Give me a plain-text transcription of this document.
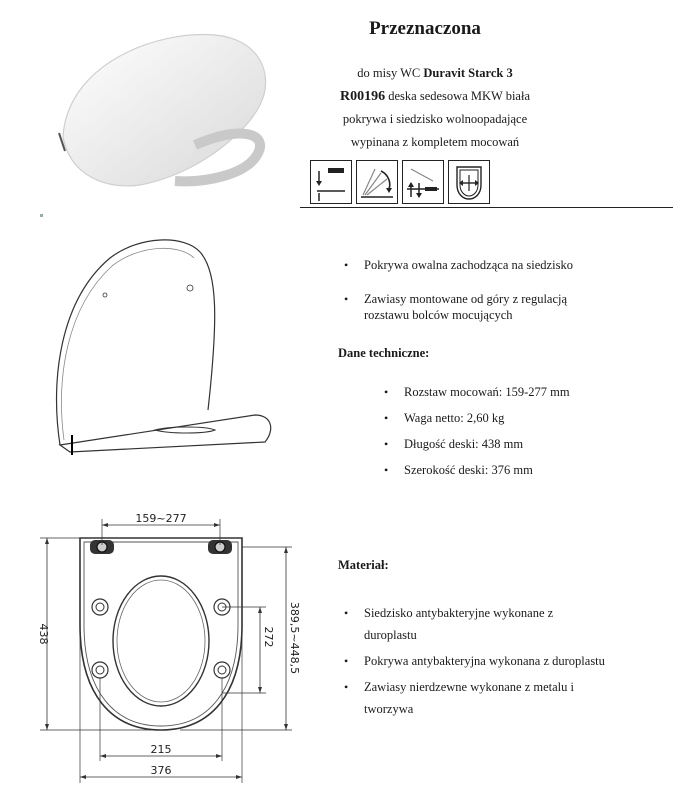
Przeznaczona
do misy WC Duravit Starck 3
R00196 deska sedesowa MKW biała
pokrywa i siedzisko wolnoopadające
wypinana z kompletem mocowań
159~277
438	389,5~448,5
272
215
376
• Pokrywa owalna zachodząca na siedzisko
• Zawiasy montowane od góry z regulacją rozstawu bolców mocujących
Dane techniczne:
• Rozstaw mocowań: 159-277 mm
• Waga netto: 2,60 kg
• Długość deski: 438 mm
• Szerokość deski: 376 mm
Materiał:
• Siedzisko antybakteryjne wykonane z duroplastu
• Pokrywa antybakteryjna wykonana z duroplastu
• Zawiasy nierdzewne wykonane z metalu i tworzywa
